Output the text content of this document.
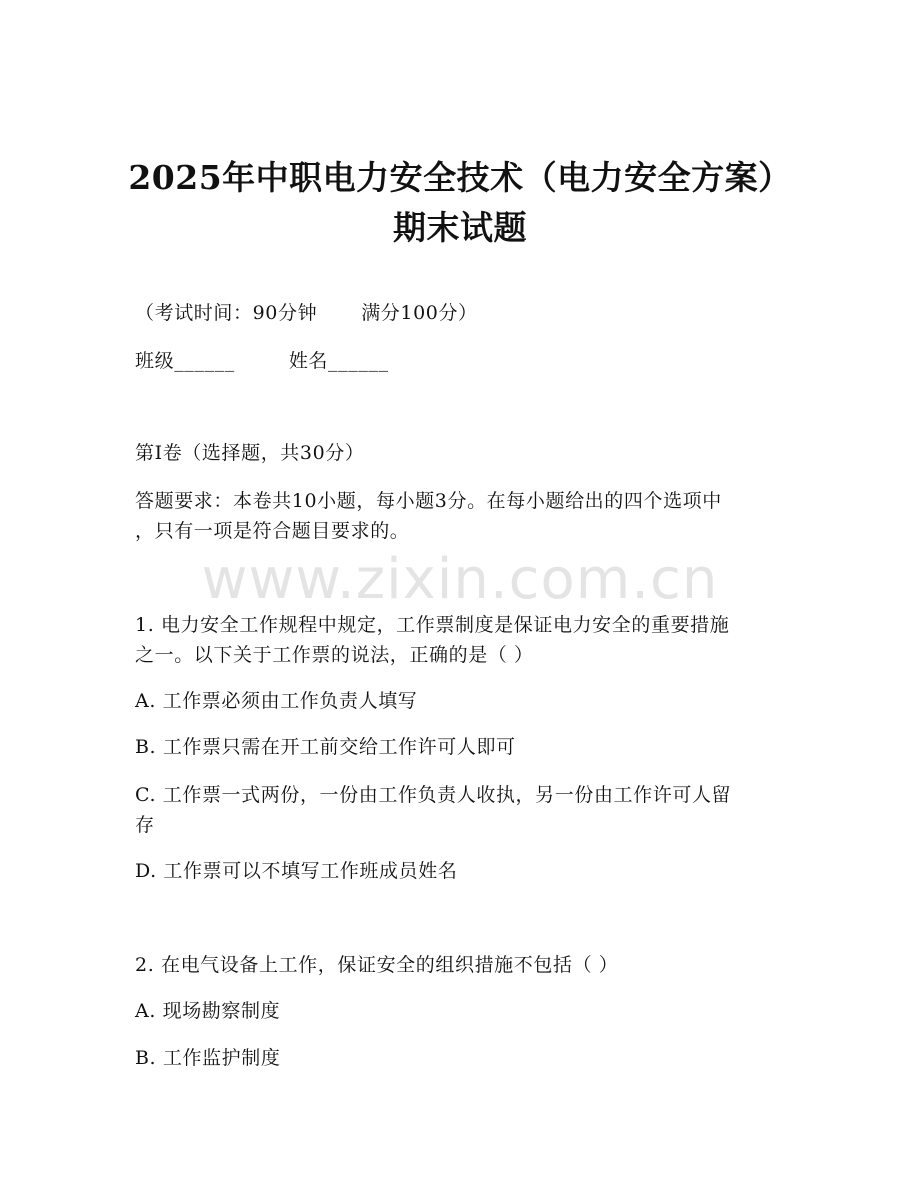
2025年中职电力安全技术（电力安全方案）
期末试题
（考试时间：90分钟 满分100分）
班级______	姓名______
第I卷（选择题，共30分）
答题要求：本卷共10小题，每小题3分。在每小题给出的四个选项中
，只有一项是符合题目要求的。
www.zixin.com.cn
1. 电力安全工作规程中规定，工作票制度是保证电力安全的重要措施
之一。以下关于工作票的说法，正确的是（ ）
A. 工作票必须由工作负责人填写
B. 工作票只需在开工前交给工作许可人即可
C. 工作票一式两份，一份由工作负责人收执，另一份由工作许可人留
存
D. 工作票可以不填写工作班成员姓名
2. 在电气设备上工作，保证安全的组织措施不包括（ ）
A. 现场勘察制度
B. 工作监护制度
